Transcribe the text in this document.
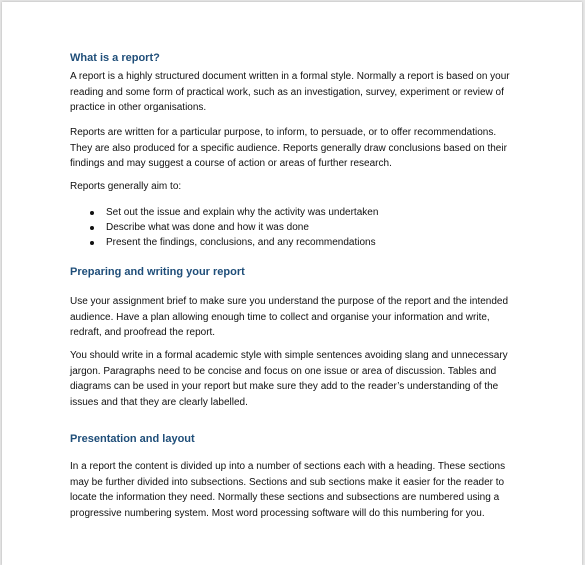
What is a report?

A report is a highly structured document written in a formal style. Normally a report is based on your
reading and some form of practical work, such as an investigation, survey, experiment or review of
practice in other organisations.

Reports are written for a particular purpose, to inform, to persuade, or to offer recommendations.
They are also produced for a specific audience. Reports generally draw conclusions based on their
findings and may suggest a course of action or areas of further research.

Reports generally aim to:

Set out the issue and explain why the activity was undertaken
Describe what was done and how it was done
Present the findings, conclusions, and any recommendations
Preparing and writing your report

Use your assignment brief to make sure you understand the purpose of the report and the intended
audience. Have a plan allowing enough time to collect and organise your information and write,
redraft, and proofread the report.

You should write in a formal academic style with simple sentences avoiding slang and unnecessary
jargon. Paragraphs need to be concise and focus on one issue or area of discussion. Tables and
diagrams can be used in your report but make sure they add to the reader’s understanding of the
issues and that they are clearly labelled.

Presentation and layout

In a report the content is divided up into a number of sections each with a heading. These sections
may be further divided into subsections. Sections and sub sections make it easier for the reader to
locate the information they need. Normally these sections and subsections are numbered using a
progressive numbering system. Most word processing software will do this numbering for you.
